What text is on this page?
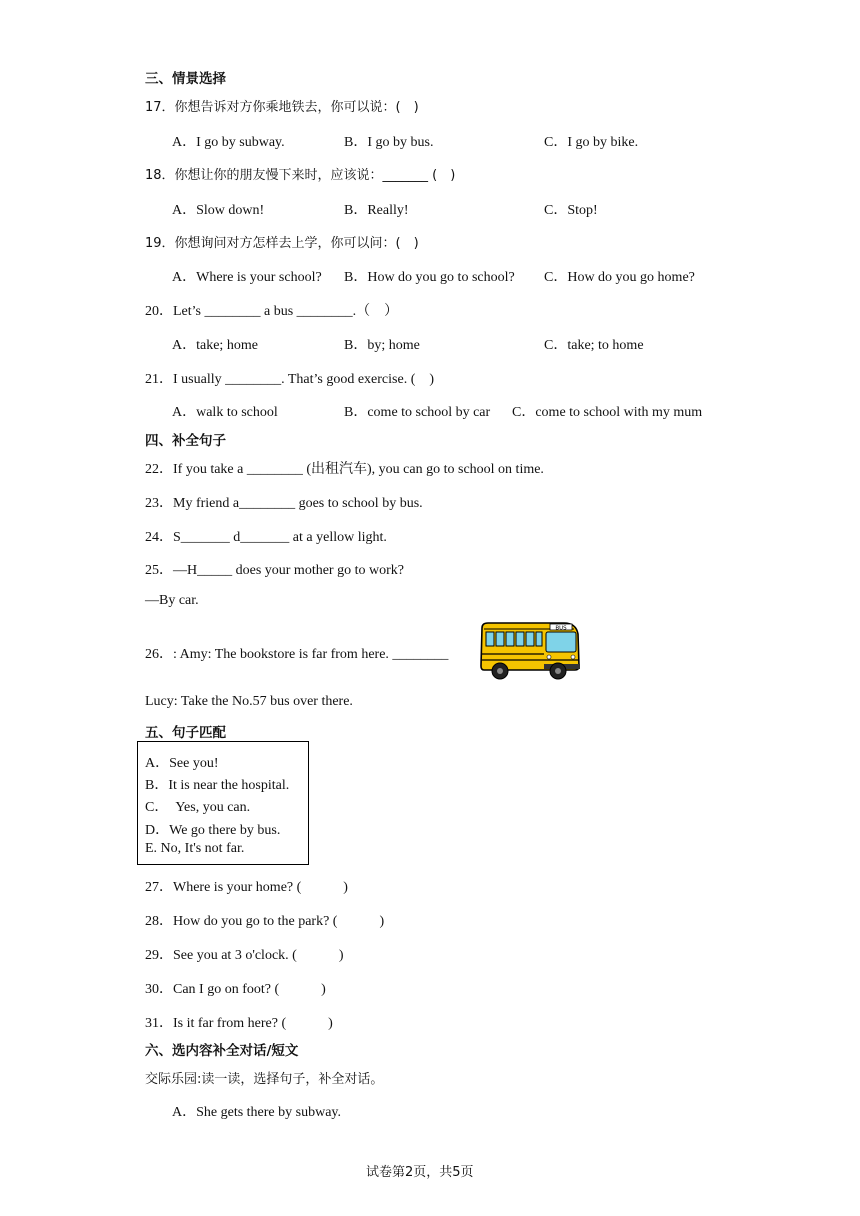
三、情景选择
17．你想告诉对方你乘地铁去，你可以说：(　)
A．I go by subway.	B．I go by bus.	C．I go by bike.
18．你想让你的朋友慢下来时，应该说：_______ (　)
A．Slow down!	B．Really!	C．Stop!
19．你想询问对方怎样去上学，你可以问：(　)
A．Where is your school? B．How do you go to school? C．How do you go home?
20．Let’s ________ a bus ________.（　）
A．take; home	B．by; home	C．take; to home
21．I usually ________. That’s good exercise. (　)
A．walk to school	B．come to school by car C．come to school with my mum
四、补全句子
22．If you take a ________ (出租汽车), you can go to school on time.
23．My friend a________ goes to school by bus.
24．S_______ d_______ at a yellow light.
25．—H_____ does your mother go to work?
—By car.
26．: Amy: The bookstore is far from here. ________
BUS
Lucy: Take the No.57 bus over there.
五、句子匹配
A．See you!
B．It is near the hospital.
C．　Yes, you can.
D．We go there by bus.
E. No, It's not far.
27．Where is your home? (　　　)
28．How do you go to the park? (　　　)
29．See you at 3 o'clock. (　　　)
30．Can I go on foot? (　　　)
31．Is it far from here? (　　　)
六、选内容补全对话/短文
交际乐园:读一读，选择句子，补全对话。
A．She gets there by subway.
试卷第2页，共5页
